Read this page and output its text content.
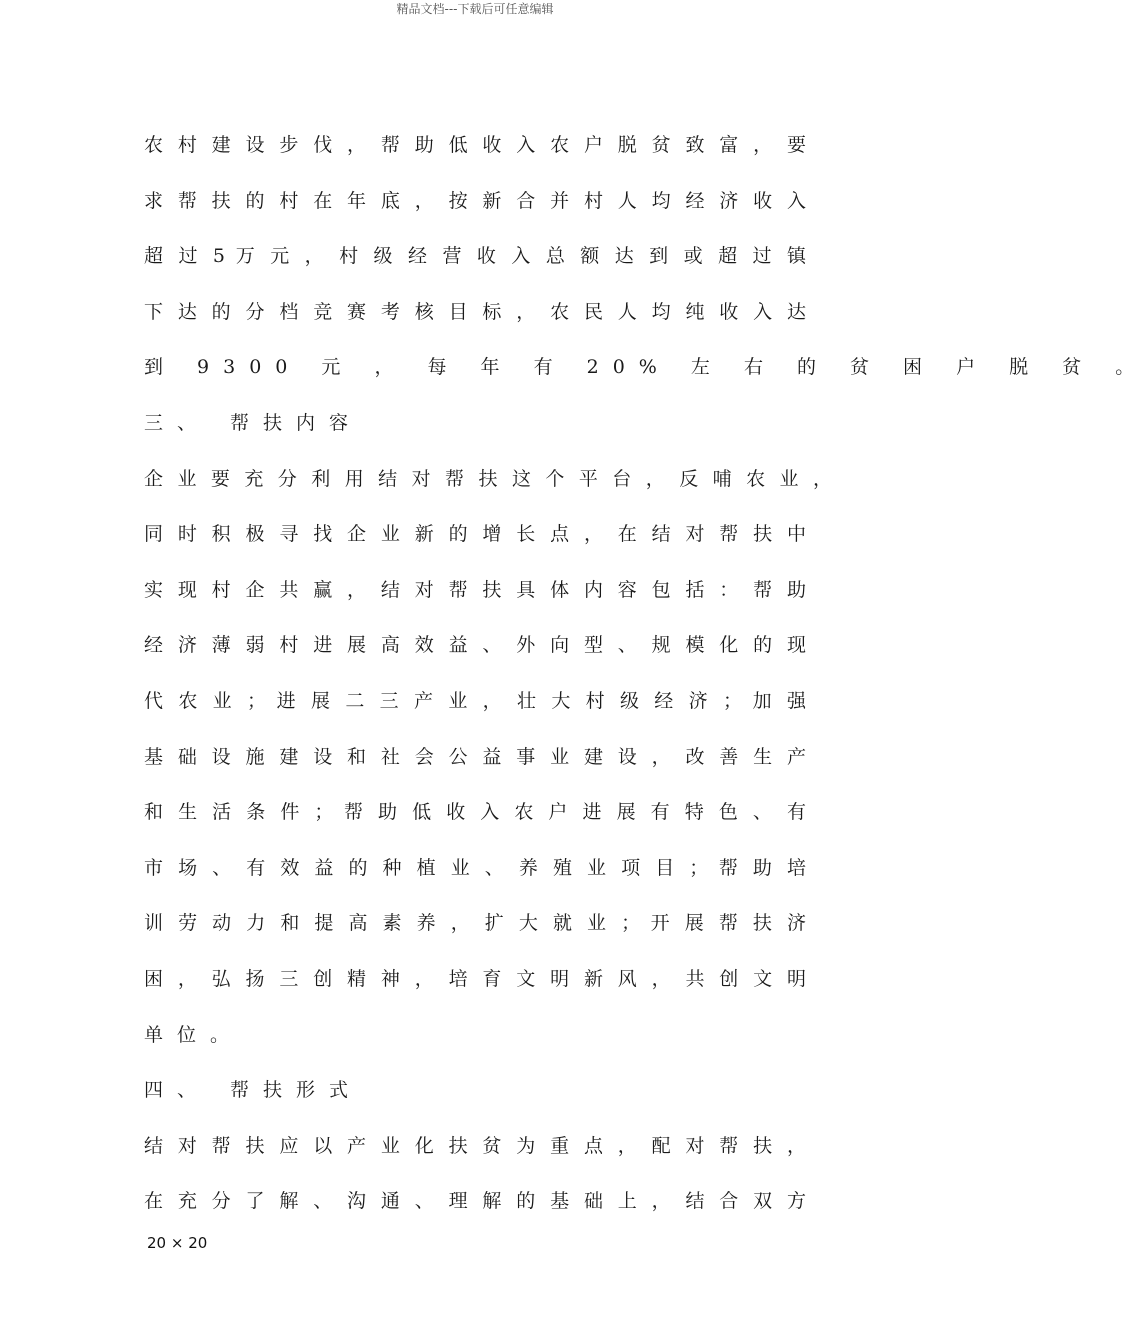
精品文档---下载后可任意编辑
农 村 建 设 步 伐 ， 帮 助 低 收 入 农 户 脱 贫 致 富 ， 要
求 帮 扶 的 村 在 年 底 ， 按 新 合 并 村 人 均 经 济 收 入
超 过 5 万 元 ， 村 级 经 营 收 入 总 额 达 到 或 超 过 镇
下 达 的 分 档 竞 赛 考 核 目 标 ， 农 民 人 均 纯 收 入 达
到 9300 元 ， 每 年 有 20% 左 右 的 贫 困 户 脱 贫 。
三、 帮扶内容
企 业 要 充 分 利 用 结 对 帮 扶 这 个 平 台 ， 反 哺 农 业 ，
同 时 积 极 寻 找 企 业 新 的 增 长 点 ， 在 结 对 帮 扶 中
实 现 村 企 共 赢 ， 结 对 帮 扶 具 体 内 容 包 括 ： 帮 助
经 济 薄 弱 村 进 展 高 效 益 、 外 向 型 、 规 模 化 的 现
代 农 业 ； 进 展 二 三 产 业 ， 壮 大 村 级 经 济 ； 加 强
基 础 设 施 建 设 和 社 会 公 益 事 业 建 设 ， 改 善 生 产
和 生 活 条 件 ； 帮 助 低 收 入 农 户 进 展 有 特 色 、 有
市 场 、 有 效 益 的 种 植 业 、 养 殖 业 项 目 ； 帮 助 培
训 劳 动 力 和 提 高 素 养 ， 扩 大 就 业 ； 开 展 帮 扶 济
困 ， 弘 扬 三 创 精 神 ， 培 育 文 明 新 风 ， 共 创 文 明
单位。
四、 帮扶形式
结 对 帮 扶 应 以 产 业 化 扶 贫 为 重 点 ， 配 对 帮 扶 ，
在 充 分 了 解 、 沟 通 、 理 解 的 基 础 上 ， 结 合 双 方
20 × 20
